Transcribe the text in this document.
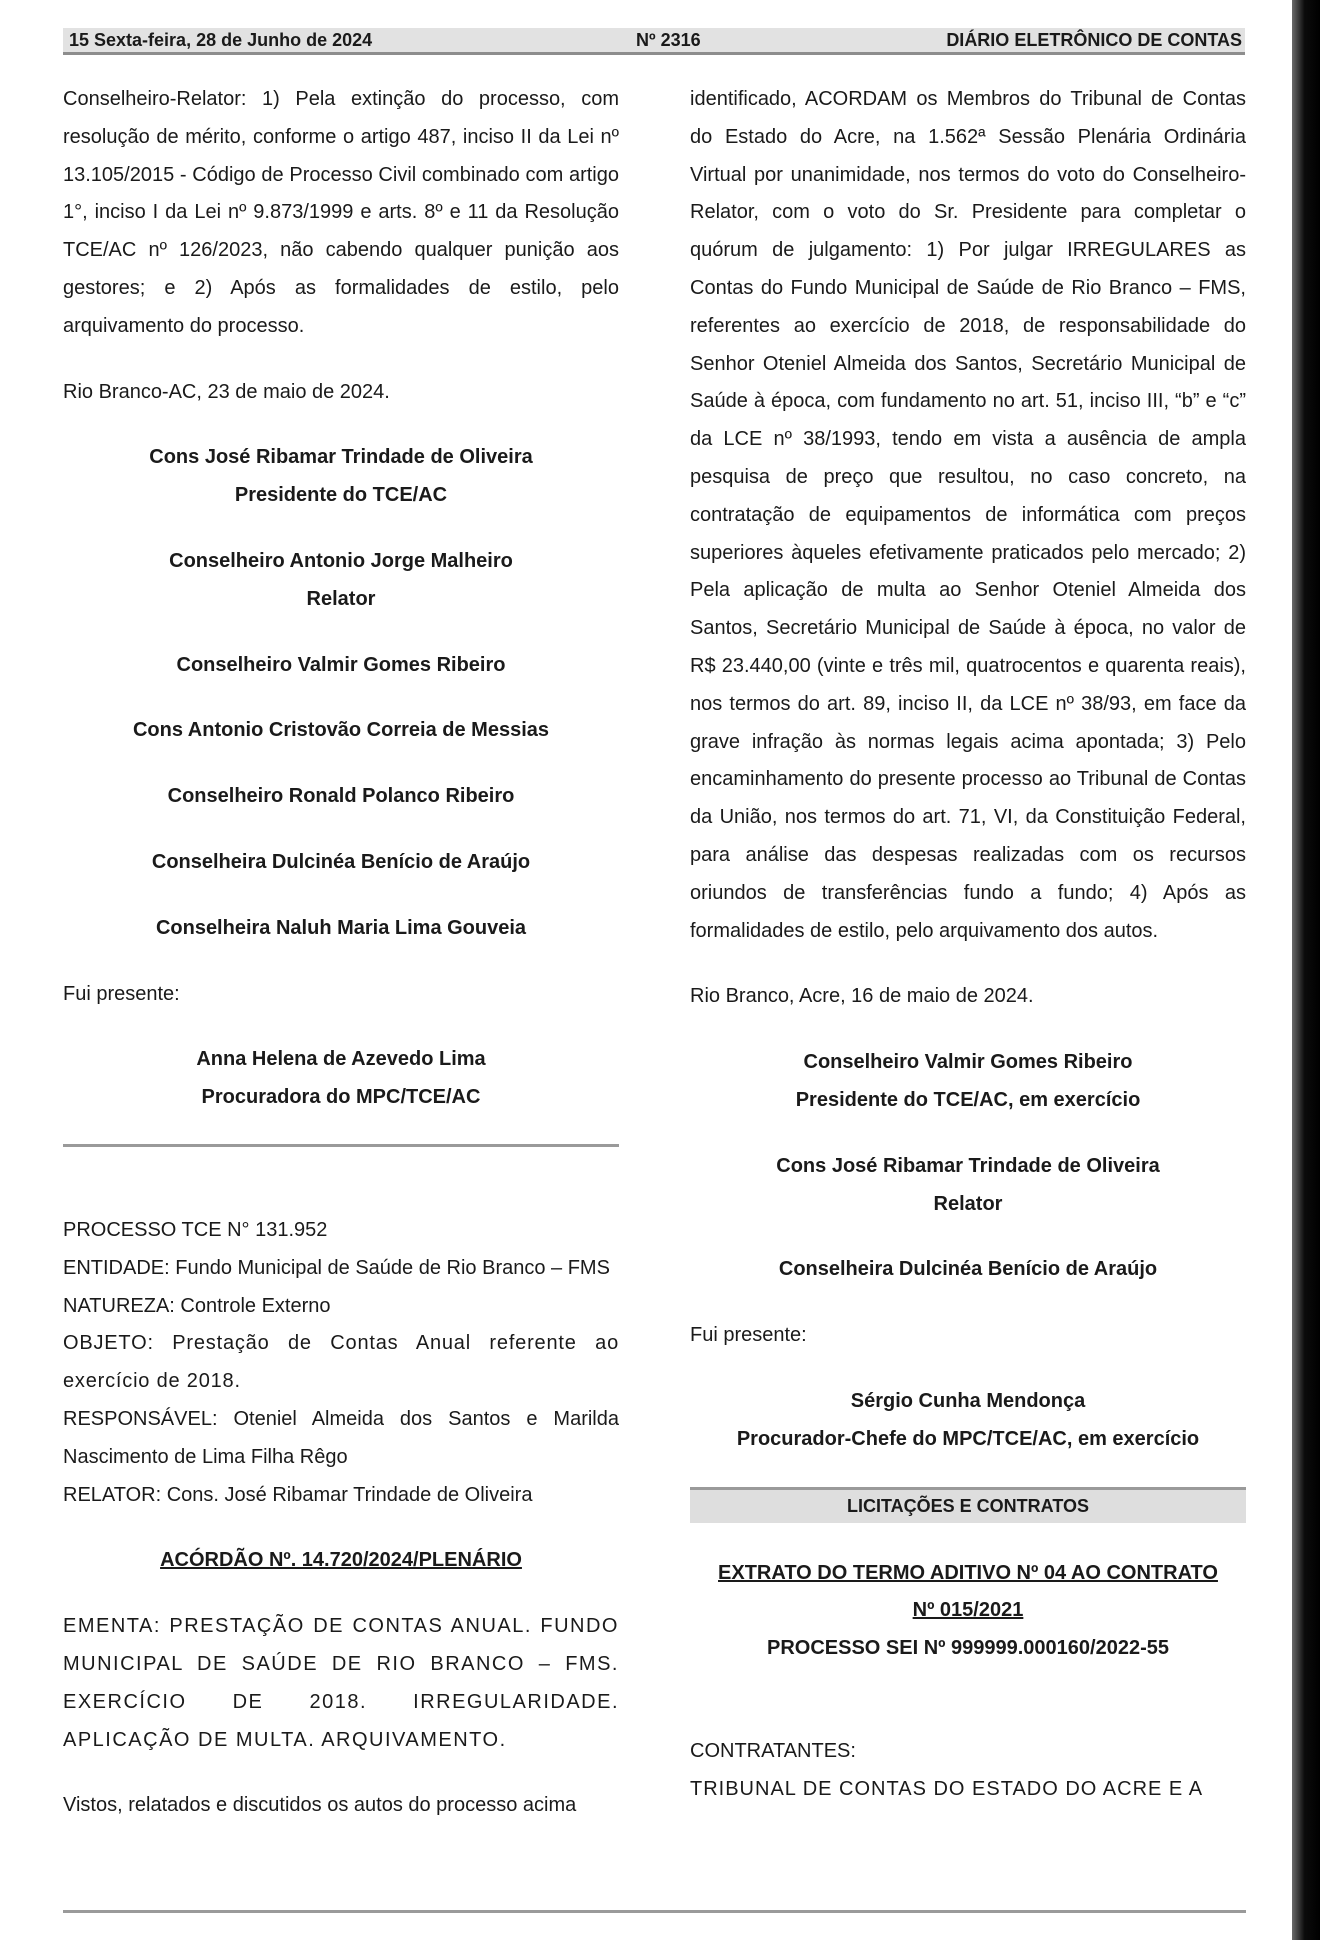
15 Sexta-feira, 28 de Junho de 2024	Nº 2316	DIÁRIO ELETRÔNICO DE CONTAS

Conselheiro-Relator: 1) Pela extinção do processo, com resolução de mérito, conforme o artigo 487, inciso II da Lei nº 13.105/2015 - Código de Processo Civil combinado com artigo 1°, inciso I da Lei nº 9.873/1999 e arts. 8º e 11 da Resolução TCE/AC nº 126/2023, não cabendo qualquer punição aos gestores; e 2) Após as formalidades de estilo, pelo arquivamento do processo.

Rio Branco-AC, 23 de maio de 2024.

Cons José Ribamar Trindade de Oliveira
Presidente do TCE/AC
Conselheiro Antonio Jorge Malheiro
Relator
Conselheiro Valmir Gomes Ribeiro
Cons Antonio Cristovão Correia de Messias
Conselheiro Ronald Polanco Ribeiro
Conselheira Dulcinéa Benício de Araújo
Conselheira Naluh Maria Lima Gouveia

Fui presente:

Anna Helena de Azevedo Lima
Procuradora do MPC/TCE/AC

PROCESSO TCE N° 131.952

ENTIDADE: Fundo Municipal de Saúde de Rio Branco – FMS

NATUREZA: Controle Externo

OBJETO: Prestação de Contas Anual referente ao exercício de 2018.

RESPONSÁVEL: Oteniel Almeida dos Santos e Marilda Nascimento de Lima Filha Rêgo

RELATOR: Cons. José Ribamar Trindade de Oliveira

ACÓRDÃO Nº. 14.720/2024/PLENÁRIO

EMENTA: PRESTAÇÃO DE CONTAS ANUAL. FUNDO MUNICIPAL DE SAÚDE DE RIO BRANCO – FMS. EXERCÍCIO DE 2018. IRREGULARIDADE. APLICAÇÃO DE MULTA. ARQUIVAMENTO.

Vistos, relatados e discutidos os autos do processo acima

identificado, ACORDAM os Membros do Tribunal de Contas do Estado do Acre, na 1.562ª Sessão Plenária Ordinária Virtual por unanimidade, nos termos do voto do Conselheiro-Relator, com o voto do Sr. Presidente para completar o quórum de julgamento: 1) Por julgar IRREGULARES as Contas do Fundo Municipal de Saúde de Rio Branco – FMS, referentes ao exercício de 2018, de responsabilidade do Senhor Oteniel Almeida dos Santos, Secretário Municipal de Saúde à época, com fundamento no art. 51, inciso III, “b” e “c” da LCE nº 38/1993, tendo em vista a ausência de ampla pesquisa de preço que resultou, no caso concreto, na contratação de equipamentos de informática com preços superiores àqueles efetivamente praticados pelo mercado; 2) Pela aplicação de multa ao Senhor Oteniel Almeida dos Santos, Secretário Municipal de Saúde à época, no valor de R$ 23.440,00 (vinte e três mil, quatrocentos e quarenta reais), nos termos do art. 89, inciso II, da LCE nº 38/93, em face da grave infração às normas legais acima apontada; 3) Pelo encaminhamento do presente processo ao Tribunal de Contas da União, nos termos do art. 71, VI, da Constituição Federal, para análise das despesas realizadas com os recursos oriundos de transferências fundo a fundo; 4) Após as formalidades de estilo, pelo arquivamento dos autos.

Rio Branco, Acre, 16 de maio de 2024.

Conselheiro Valmir Gomes Ribeiro
Presidente do TCE/AC, em exercício
Cons José Ribamar Trindade de Oliveira
Relator
Conselheira Dulcinéa Benício de Araújo

Fui presente:

Sérgio Cunha Mendonça
Procurador-Chefe do MPC/TCE/AC, em exercício
LICITAÇÕES E CONTRATOS

EXTRATO DO TERMO ADITIVO Nº 04 AO CONTRATO

Nº 015/2021

PROCESSO SEI Nº 999999.000160/2022-55

CONTRATANTES:

TRIBUNAL DE CONTAS DO ESTADO DO ACRE E A
